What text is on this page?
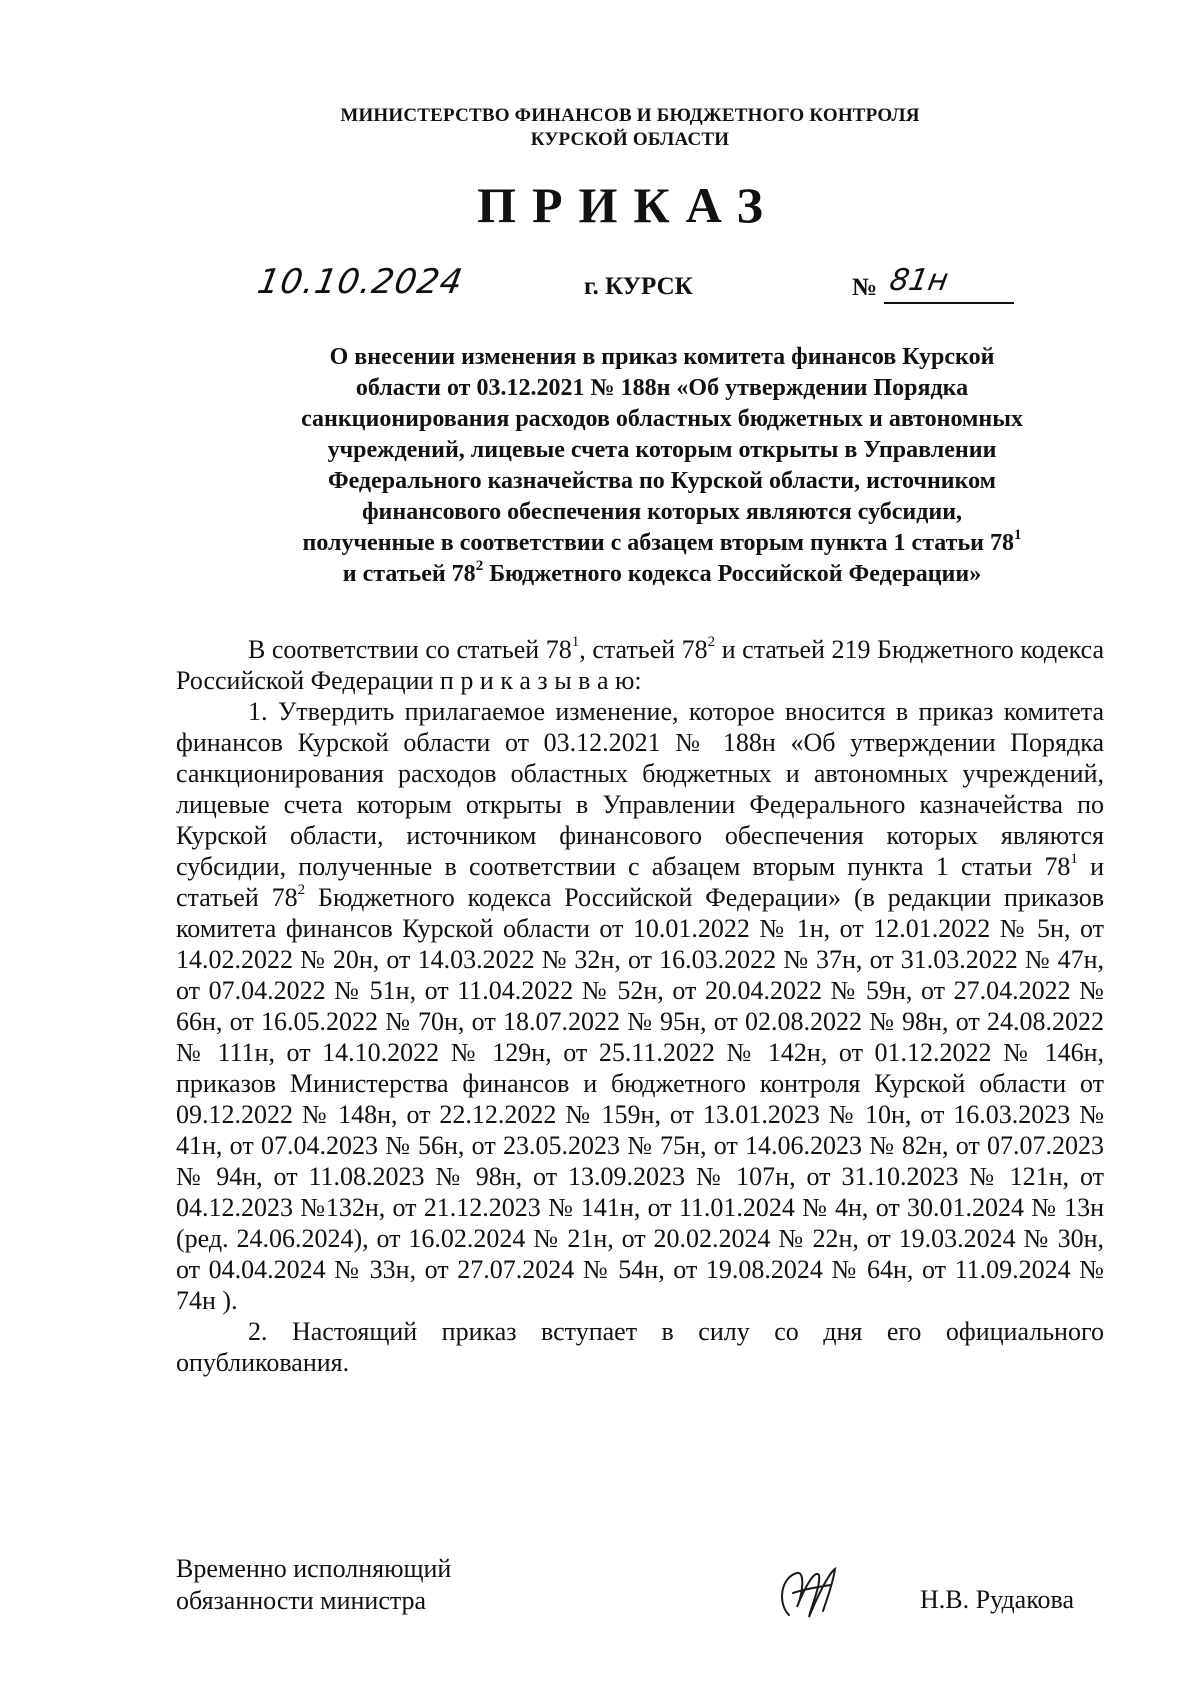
МИНИСТЕРСТВО ФИНАНСОВ И БЮДЖЕТНОГО КОНТРОЛЯ
КУРСКОЙ ОБЛАСТИ
ПРИКАЗ
10.10.2024	г. КУРСК	№ 81н
О внесении изменения в приказ комитета финансов Курской
области от 03.12.2021 № 188н «Об утверждении Порядка
санкционирования расходов областных бюджетных и автономных
учреждений, лицевые счета которым открыты в Управлении
Федерального казначейства по Курской области, источником
финансового обеспечения которых являются субсидии,
полученные в соответствии с абзацем вторым пункта 1 статьи $78^1$
и статьей $78^2$ Бюджетного кодекса Российской Федерации»

В соответствии со статьей $78^1$, статьей $78^2$ и статьей 219 Бюджетного кодекса Российской Федерации п р и к а з ы в а ю:

1. Утвердить прилагаемое изменение, которое вносится в приказ комитета финансов Курской области от 03.12.2021 № 188н «Об утверждении Порядка санкционирования расходов областных бюджетных и автономных учреждений, лицевые счета которым открыты в Управлении Федерального казначейства по Курской области, источником финансового обеспечения которых являются субсидии, полученные в соответствии с абзацем вторым пункта 1 статьи $78^1$ и статьей $78^2$ Бюджетного кодекса Российской Федерации» (в редакции приказов комитета финансов Курской области от 10.01.2022 № 1н, от 12.01.2022 № 5н, от 14.02.2022 № 20н, от 14.03.2022 № 32н, от 16.03.2022 № 37н, от 31.03.2022 № 47н, от 07.04.2022 № 51н, от 11.04.2022 № 52н, от 20.04.2022 № 59н, от 27.04.2022 № 66н, от 16.05.2022 № 70н, от 18.07.2022 № 95н, от 02.08.2022 № 98н, от 24.08.2022 № 111н, от 14.10.2022 № 129н, от 25.11.2022 № 142н, от 01.12.2022 № 146н, приказов Министерства финансов и бюджетного контроля Курской области от 09.12.2022 № 148н, от 22.12.2022 № 159н, от 13.01.2023 № 10н, от 16.03.2023 № 41н, от 07.04.2023 № 56н, от 23.05.2023 № 75н, от 14.06.2023 № 82н, от 07.07.2023 № 94н, от 11.08.2023 № 98н, от 13.09.2023 № 107н, от 31.10.2023 № 121н, от 04.12.2023 №132н, от 21.12.2023 № 141н, от 11.01.2024 № 4н, от 30.01.2024 № 13н (ред. 24.06.2024), от 16.02.2024 № 21н, от 20.02.2024 № 22н, от 19.03.2024 № 30н, от 04.04.2024 № 33н, от 27.07.2024 № 54н, от 19.08.2024 № 64н, от 11.09.2024 № 74н ).

2. Настоящий приказ вступает в силу со дня его официального опубликования.

Временно исполняющий
обязанности министра	Н.В. Рудакова
